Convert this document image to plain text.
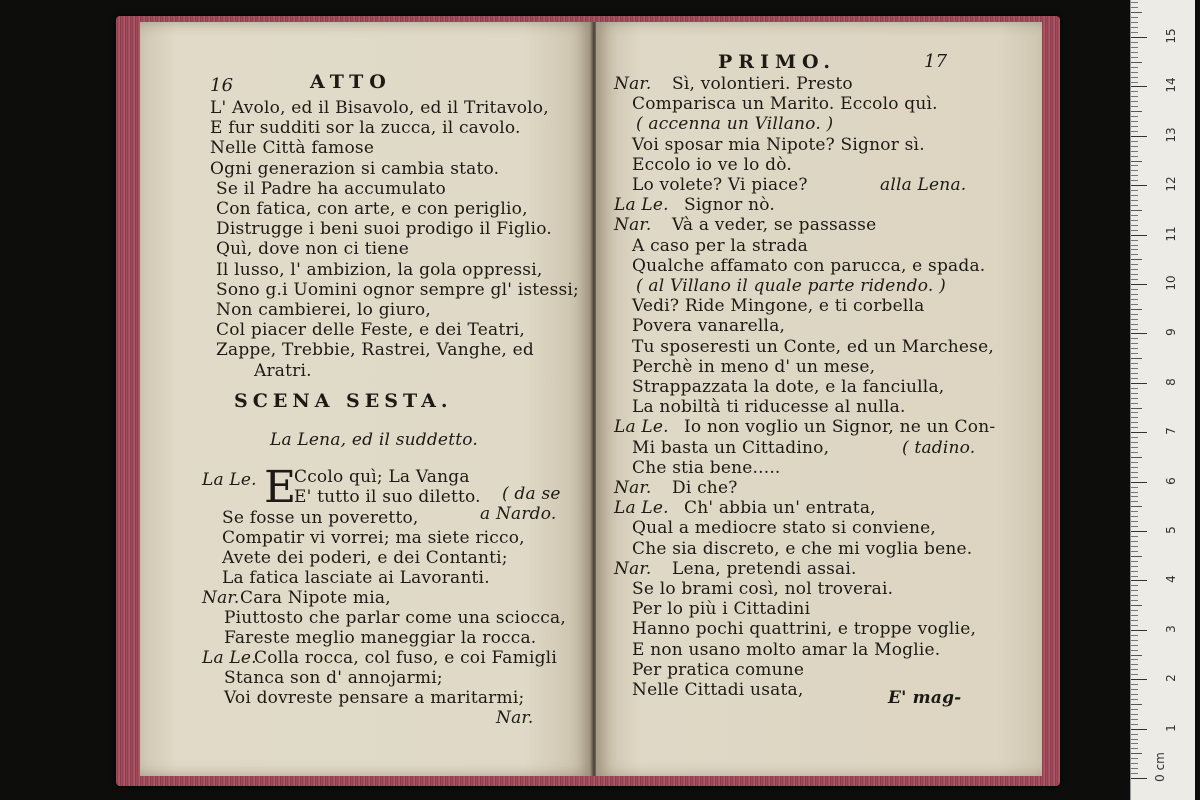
16	ATTO
L' Avolo, ed il Bisavolo, ed il Tritavolo,
E fur sudditi sor la zucca, il cavolo.
Nelle Città famose
Ogni generazion si cambia stato.
Se il Padre ha accumulato
Con fatica, con arte, e con periglio,
Distrugge i beni suoi prodigo il Figlio.
Quì, dove non ci tiene
Il lusso, l' ambizion, la gola oppressi,
Sono g.i Uomini ognor sempre gl' istessi;
Non cambierei, lo giuro,
Col piacer delle Feste, e dei Teatri,
Zappe, Trebbie, Rastrei, Vanghe, ed
Aratri.
SCENA SESTA.
La Lena, ed il suddetto.
La Le. E
Ccolo quì; La Vanga
E' tutto il suo diletto. ( da se
a Nardo.
Se fosse un poveretto,
Compatir vi vorrei; ma siete ricco,
Avete dei poderi, e dei Contanti;
La fatica lasciate ai Lavoranti.
Nar. Cara Nipote mia,
Piuttosto che parlar come una sciocca,
Fareste meglio maneggiar la rocca.
La Le.
Colla rocca, col fuso, e coi Famigli
Stanca son d' annojarmi;
Voi dovreste pensare a maritarmi;
Nar.
PRIMO.	17
Nar. Sì, volontieri. Presto
Comparisca un Marito. Eccolo quì.
( accenna un Villano. )
Voi sposar mia Nipote? Signor sì.
Eccolo io ve lo dò.
Lo volete? Vi piace?	alla Lena.
La Le. Signor nò.
Nar. Và a veder, se passasse
A caso per la strada
Qualche affamato con parucca, e spada.
( al Villano il quale parte ridendo. )
Vedi? Ride Mingone, e ti corbella
Povera vanarella,
Tu sposeresti un Conte, ed un Marchese,
Perchè in meno d' un mese,
Strappazzata la dote, e la fanciulla,
La nobiltà ti riducesse al nulla.
La Le. Io non voglio un Signor, ne un Con-
Mi basta un Cittadino,	( tadino.
Che stia bene.....
Nar. Di che?
La Le. Ch' abbia un' entrata,
Qual a mediocre stato si conviene,
Che sia discreto, e che mi voglia bene.
Nar. Lena, pretendi assai.
Se lo brami così, nol troverai.
Per lo più i Cittadini
Hanno pochi quattrini, e troppe voglie,
E non usano molto amar la Moglie.
Per pratica comune
Nelle Cittadi usata,	E' mag-
0 cm
1
2
3
4
5
6
7
8
9
10
11
12
13
14
15
